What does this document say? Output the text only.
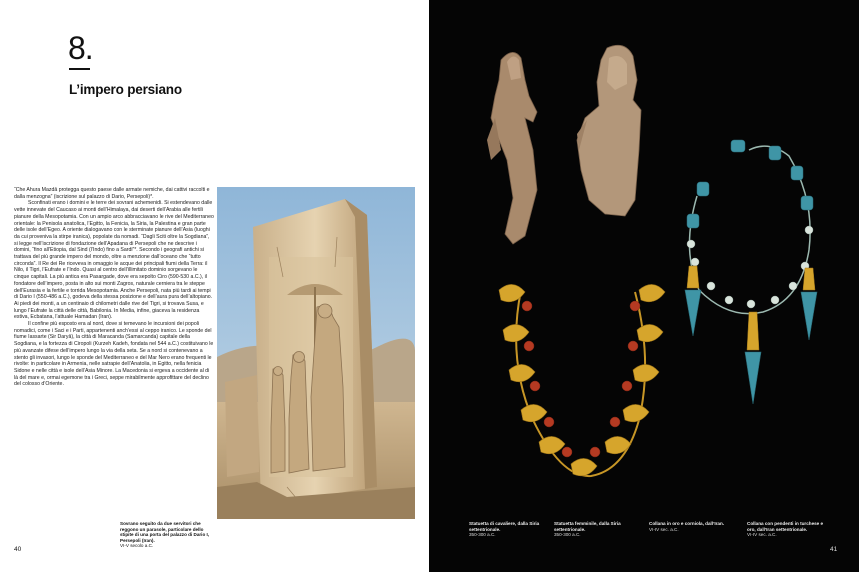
8.
L’impero persiano

“Che Ahura Mazdā protegga questo paese dalle armate nemiche, dai cattivi raccolti e dalla menzogna” (iscrizione sul palazzo di Dario, Persepoli)*.

Sconfinati erano i domini e le terre dei sovrani achemenidi. Si estendevano dalle vette innevate del Caucaso ai monti dell’Himalaya, dai deserti dell’Arabia alle fertili pianure della Mesopotamia. Con un ampio arco abbracciavano le rive del Mediterraneo orientale: la Penisola anatolica, l’Egitto, la Fenicia, la Siria, la Palestina e gran parte delle isole dell’Egeo. A oriente dialogavano con le sterminate pianure dell’Asia (luoghi da cui proveniva la stirpe iranica), popolate da nomadi. “Dagli Sciti oltre la Sogdiana”, si legge nell’iscrizione di fondazione dell’Apadana di Persepoli che ne descrive i domini, “fino all’Etiopia, dal Sind (l’Indo) fino a Sardi”*. Secondo i geografi antichi si trattava del più grande impero del mondo, oltre a menzione dall’oceano che “tutto circonda”. Il Re dei Re riceveva in omaggio le acque dei principali fiumi della Terra: il Nilo, il Tigri, l’Eufrate e l’Indo. Quasi al centro dell’illimitato dominio sorgevano le cinque capitali. La più antica era Pasargade, dove era sepolto Ciro (590-530 a.C.), il fondatore dell’impero, posta in alto sui monti Zagros, naturale cerniera tra le steppe dell’Eurasia e la fertile e torrida Mesopotamia. Anche Persepoli, nata più tardi ai tempi di Dario I (550-486 a.C.), godeva della stessa posizione e dell’aura pura dell’altopiano. Ai piedi dei monti, a un centinaio di chilometri dalle rive del Tigri, si trovava Susa, e lungo l’Eufrate la città delle città, Babilonia. In Media, infine, giaceva la residenza estiva, Ecbatana, l’attuale Hamadan (Iran).

Il confine più esposto era al nord, dove si temevano le incursioni dei popoli nomadici, come i Saci e i Parti, appartenenti anch’essi al ceppo iranico. Le sponde del fiume Iassarte (Sir Daryā), la città di Maracanda (Samarcanda) capitale della Sogdiana, e la fortezza di Ciropoli (Kurzeh Kadeh, fondata nel 544 a.C.) costituivano le più avanzate difese dell’impero lungo la via della seta. Se a nord si contenevano a stento gli invasori, lungo le sponde del Mediterraneo e del Mar Nero erano frequenti le rivolte: in particolare in Armenia, nelle satrapie dell’Anatolia, in Egitto, nella fenicia Sidone e nelle città e isole dell’Asia Minore. La Macedonia si ergeva a occidente al di là del mare e, ormai egemone tra i Greci, seppe mirabilmente approfittare del declino del colosso d’Oriente.

Sovrano seguito da due servitori che reggono un parasole, particolare dello stipite di una porta del palazzo di Dario I, Persepoli (Iran).
VI-V secolo a.C.
40
Statuetta di cavaliere, dalla Siria settentrionale.
350-300 a.C.
Statuetta femminile, dalla Siria settentrionale.
350-300 a.C.
Collana in oro e corniola, dall’Iran.
VI-IV sec. a.C.
Collana con pendenti in turchese e oro, dall’Iran settentrionale.
VI-IV sec. a.C.
41
